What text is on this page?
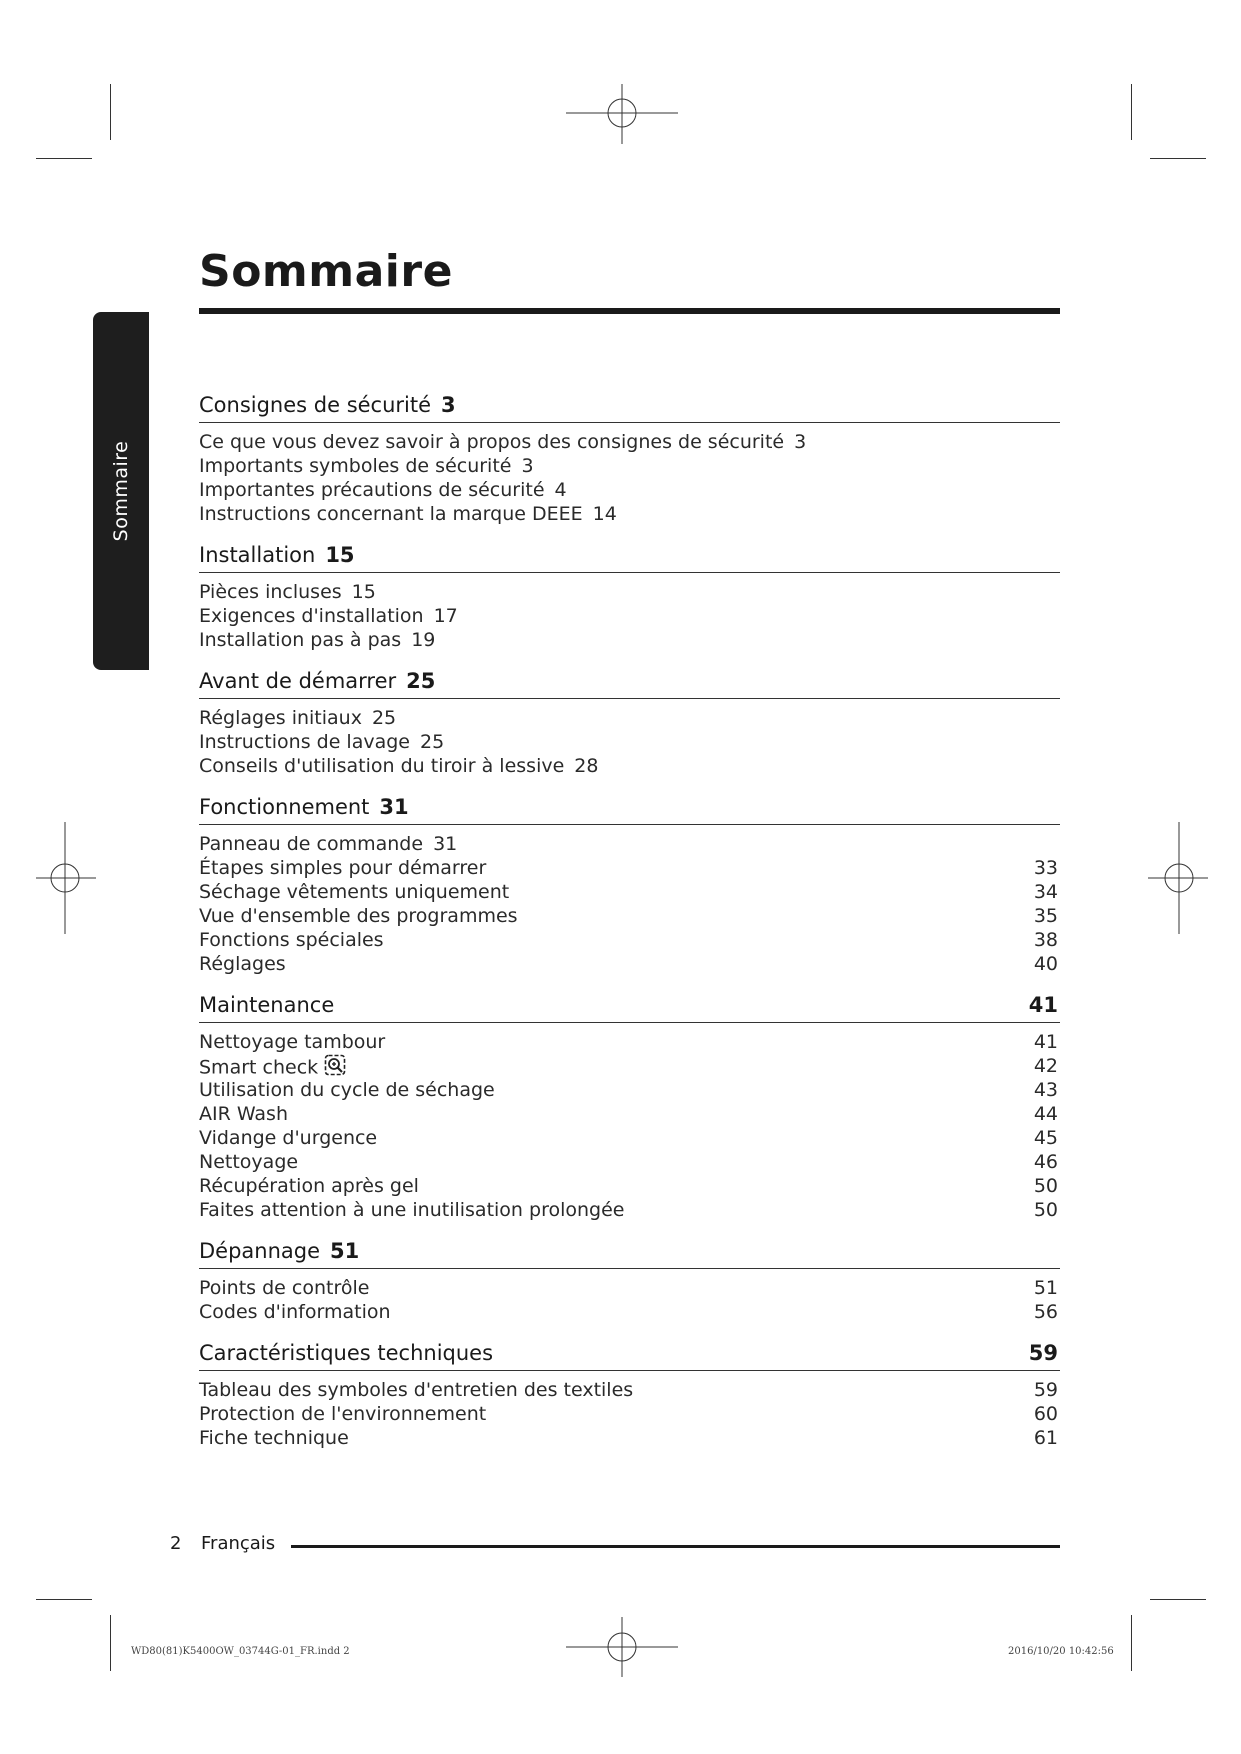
Sommaire
Sommaire
Consignes de sécurité 3
Ce que vous devez savoir à propos des consignes de sécurité 3
Importants symboles de sécurité 3
Importantes précautions de sécurité 4
Instructions concernant la marque DEEE 14
Installation 15
Pièces incluses 15
Exigences d'installation 17
Installation pas à pas 19
Avant de démarrer 25
Réglages initiaux 25
Instructions de lavage 25
Conseils d'utilisation du tiroir à lessive 28
Fonctionnement 31
Panneau de commande 31
Étapes simples pour démarrer	33
Séchage vêtements uniquement	34
Vue d'ensemble des programmes	35
Fonctions spéciales	38
Réglages	40
Maintenance	41
Nettoyage tambour	41
Smart check	42
Utilisation du cycle de séchage	43
AIR Wash	44
Vidange d'urgence	45
Nettoyage	46
Récupération après gel	50
Faites attention à une inutilisation prolongée	50
Dépannage 51
Points de contrôle	51
Codes d'information	56
Caractéristiques techniques	59
Tableau des symboles d'entretien des textiles	59
Protection de l'environnement	60
Fiche technique	61
2 Français
WD80(81)K5400OW_03744G-01_FR.indd 2	2016/10/20 10:42:56
